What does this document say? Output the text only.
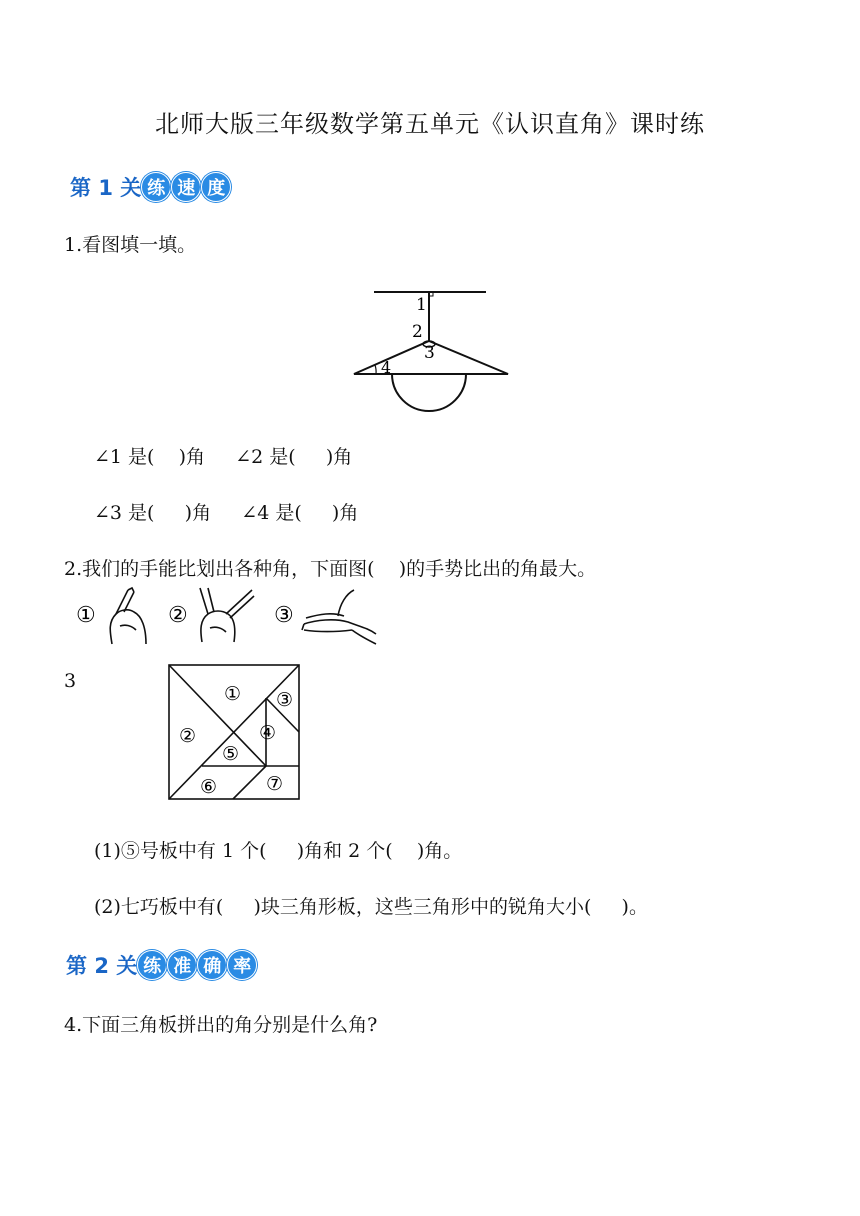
北师大版三年级数学第五单元《认识直角》课时练
第 1 关 练 速 度
1.看图填一填。
1
2
3
4
∠1 是(    )角     ∠2 是(     )角
∠3 是(     )角     ∠4 是(     )角
2.我们的手能比划出各种角，下面图(    )的手势比出的角最大。
①	②	③
3
①
②
③
④
⑤
⑥	⑦
(1)⑤号板中有 1 个(     )角和 2 个(    )角。
(2)七巧板中有(     )块三角形板，这些三角形中的锐角大小(     )。
第 2 关 练 准 确 率
4.下面三角板拼出的角分别是什么角?
